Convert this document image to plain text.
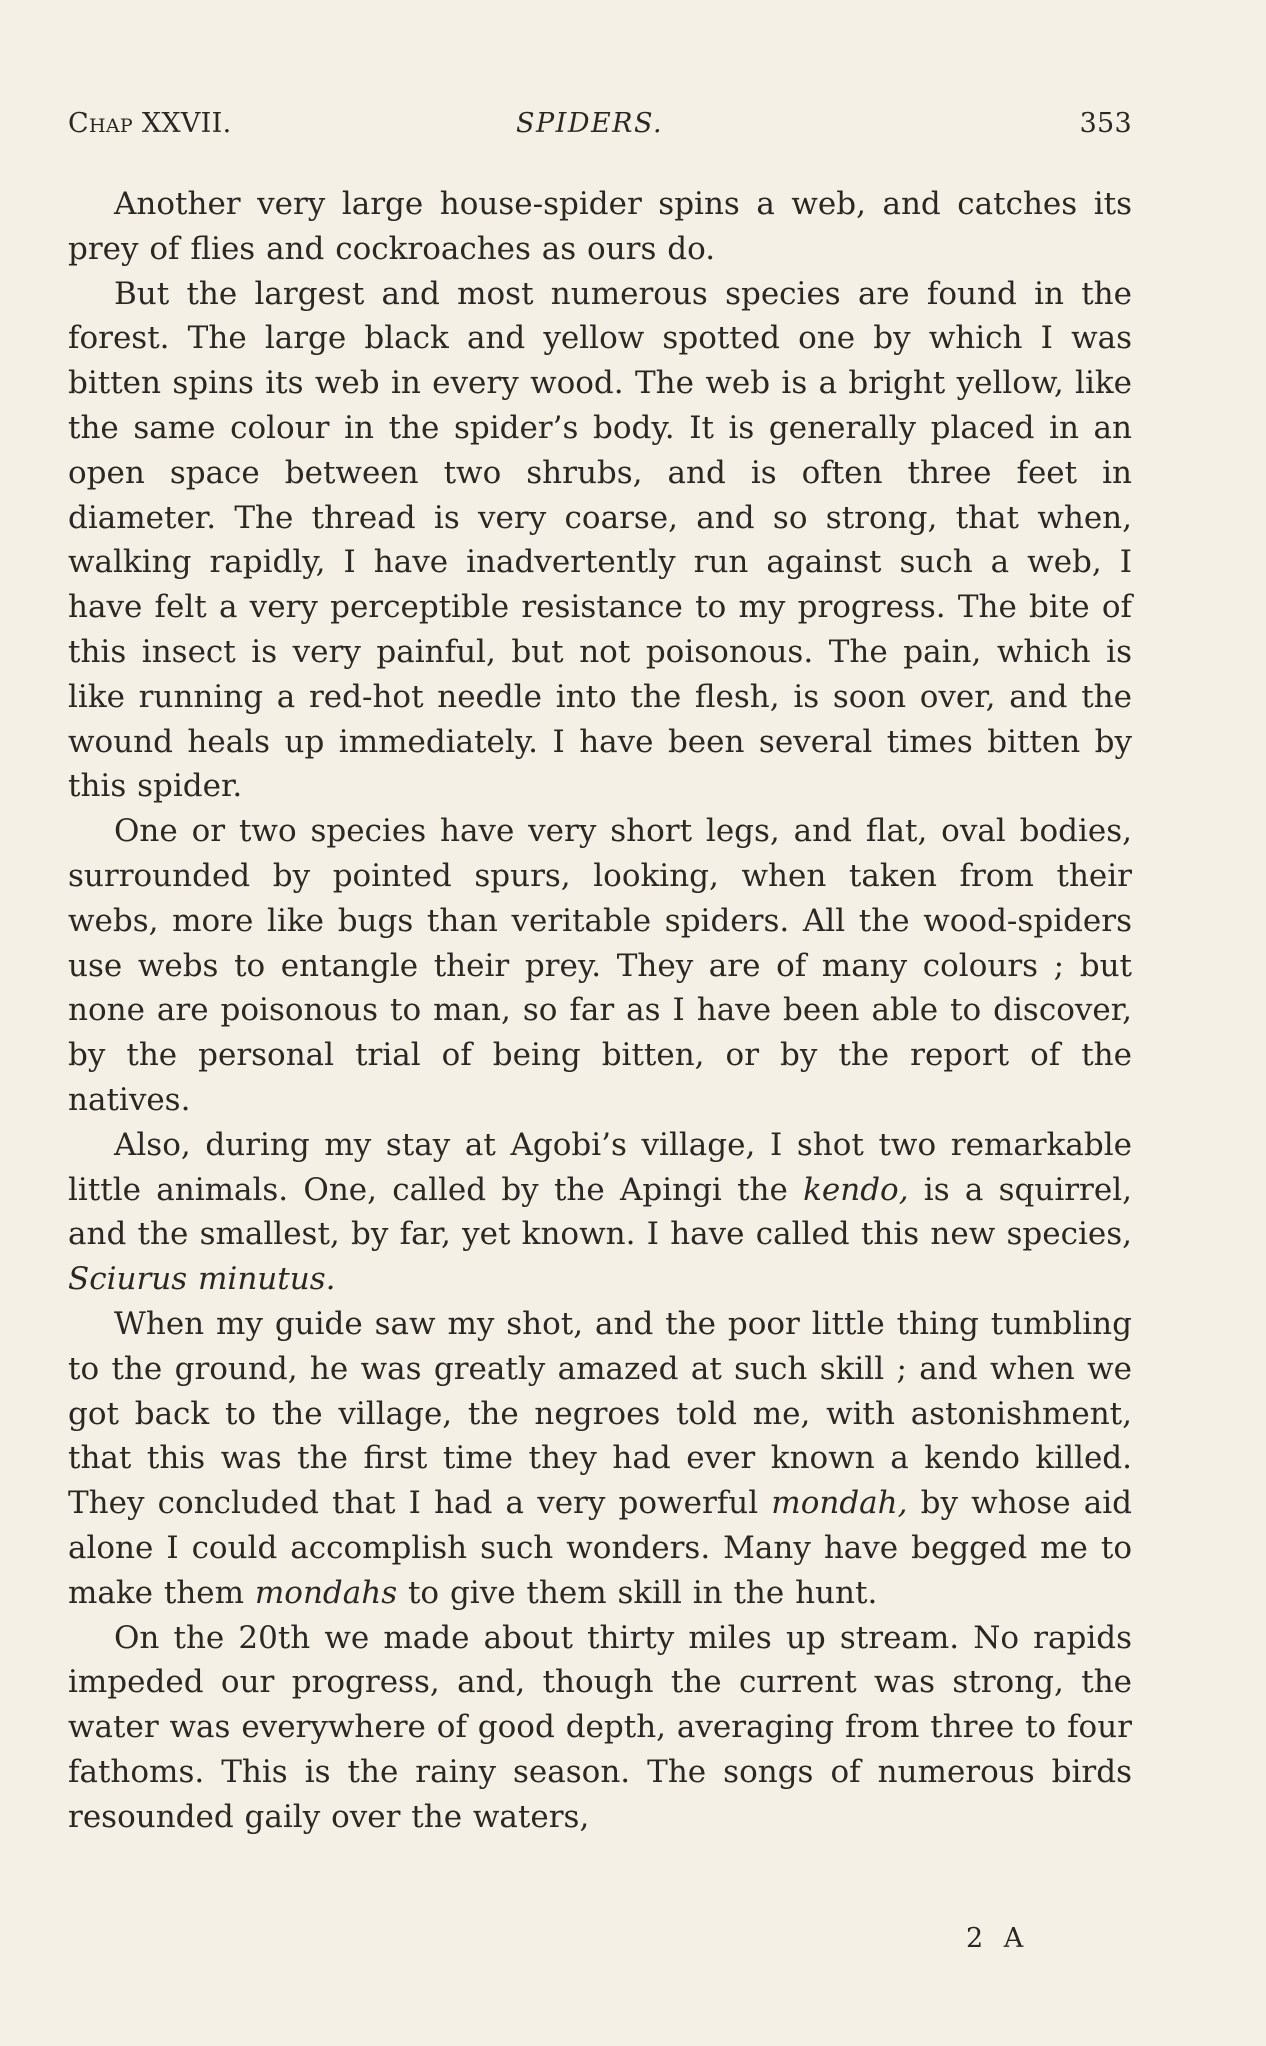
Chap XXVII.	SPIDERS.	353

Another very large house-spider spins a web, and catches its prey of flies and cockroaches as ours do.

But the largest and most numerous species are found in the forest. The large black and yellow spotted one by which I was bitten spins its web in every wood. The web is a bright yellow, like the same colour in the spider’s body. It is generally placed in an open space between two shrubs, and is often three feet in diameter. The thread is very coarse, and so strong, that when, walking rapidly, I have inadvertently run against such a web, I have felt a very perceptible resistance to my progress. The bite of this insect is very painful, but not poisonous. The pain, which is like running a red-hot needle into the flesh, is soon over, and the wound heals up immediately. I have been several times bitten by this spider.

One or two species have very short legs, and flat, oval bodies, surrounded by pointed spurs, looking, when taken from their webs, more like bugs than veritable spiders. All the wood-spiders use webs to entangle their prey. They are of many colours ; but none are poisonous to man, so far as I have been able to discover, by the personal trial of being bitten, or by the report of the natives.

Also, during my stay at Agobi’s village, I shot two remarkable little animals. One, called by the Apingi the kendo, is a squirrel, and the smallest, by far, yet known. I have called this new species, Sciurus minutus.

When my guide saw my shot, and the poor little thing tumbling to the ground, he was greatly amazed at such skill ; and when we got back to the village, the negroes told me, with astonishment, that this was the first time they had ever known a kendo killed. They concluded that I had a very powerful mondah, by whose aid alone I could accomplish such wonders. Many have begged me to make them mondahs to give them skill in the hunt.

On the 20th we made about thirty miles up stream. No rapids impeded our progress, and, though the current was strong, the water was everywhere of good depth, averaging from three to four fathoms. This is the rainy season. The songs of numerous birds resounded gaily over the waters,

2 A
